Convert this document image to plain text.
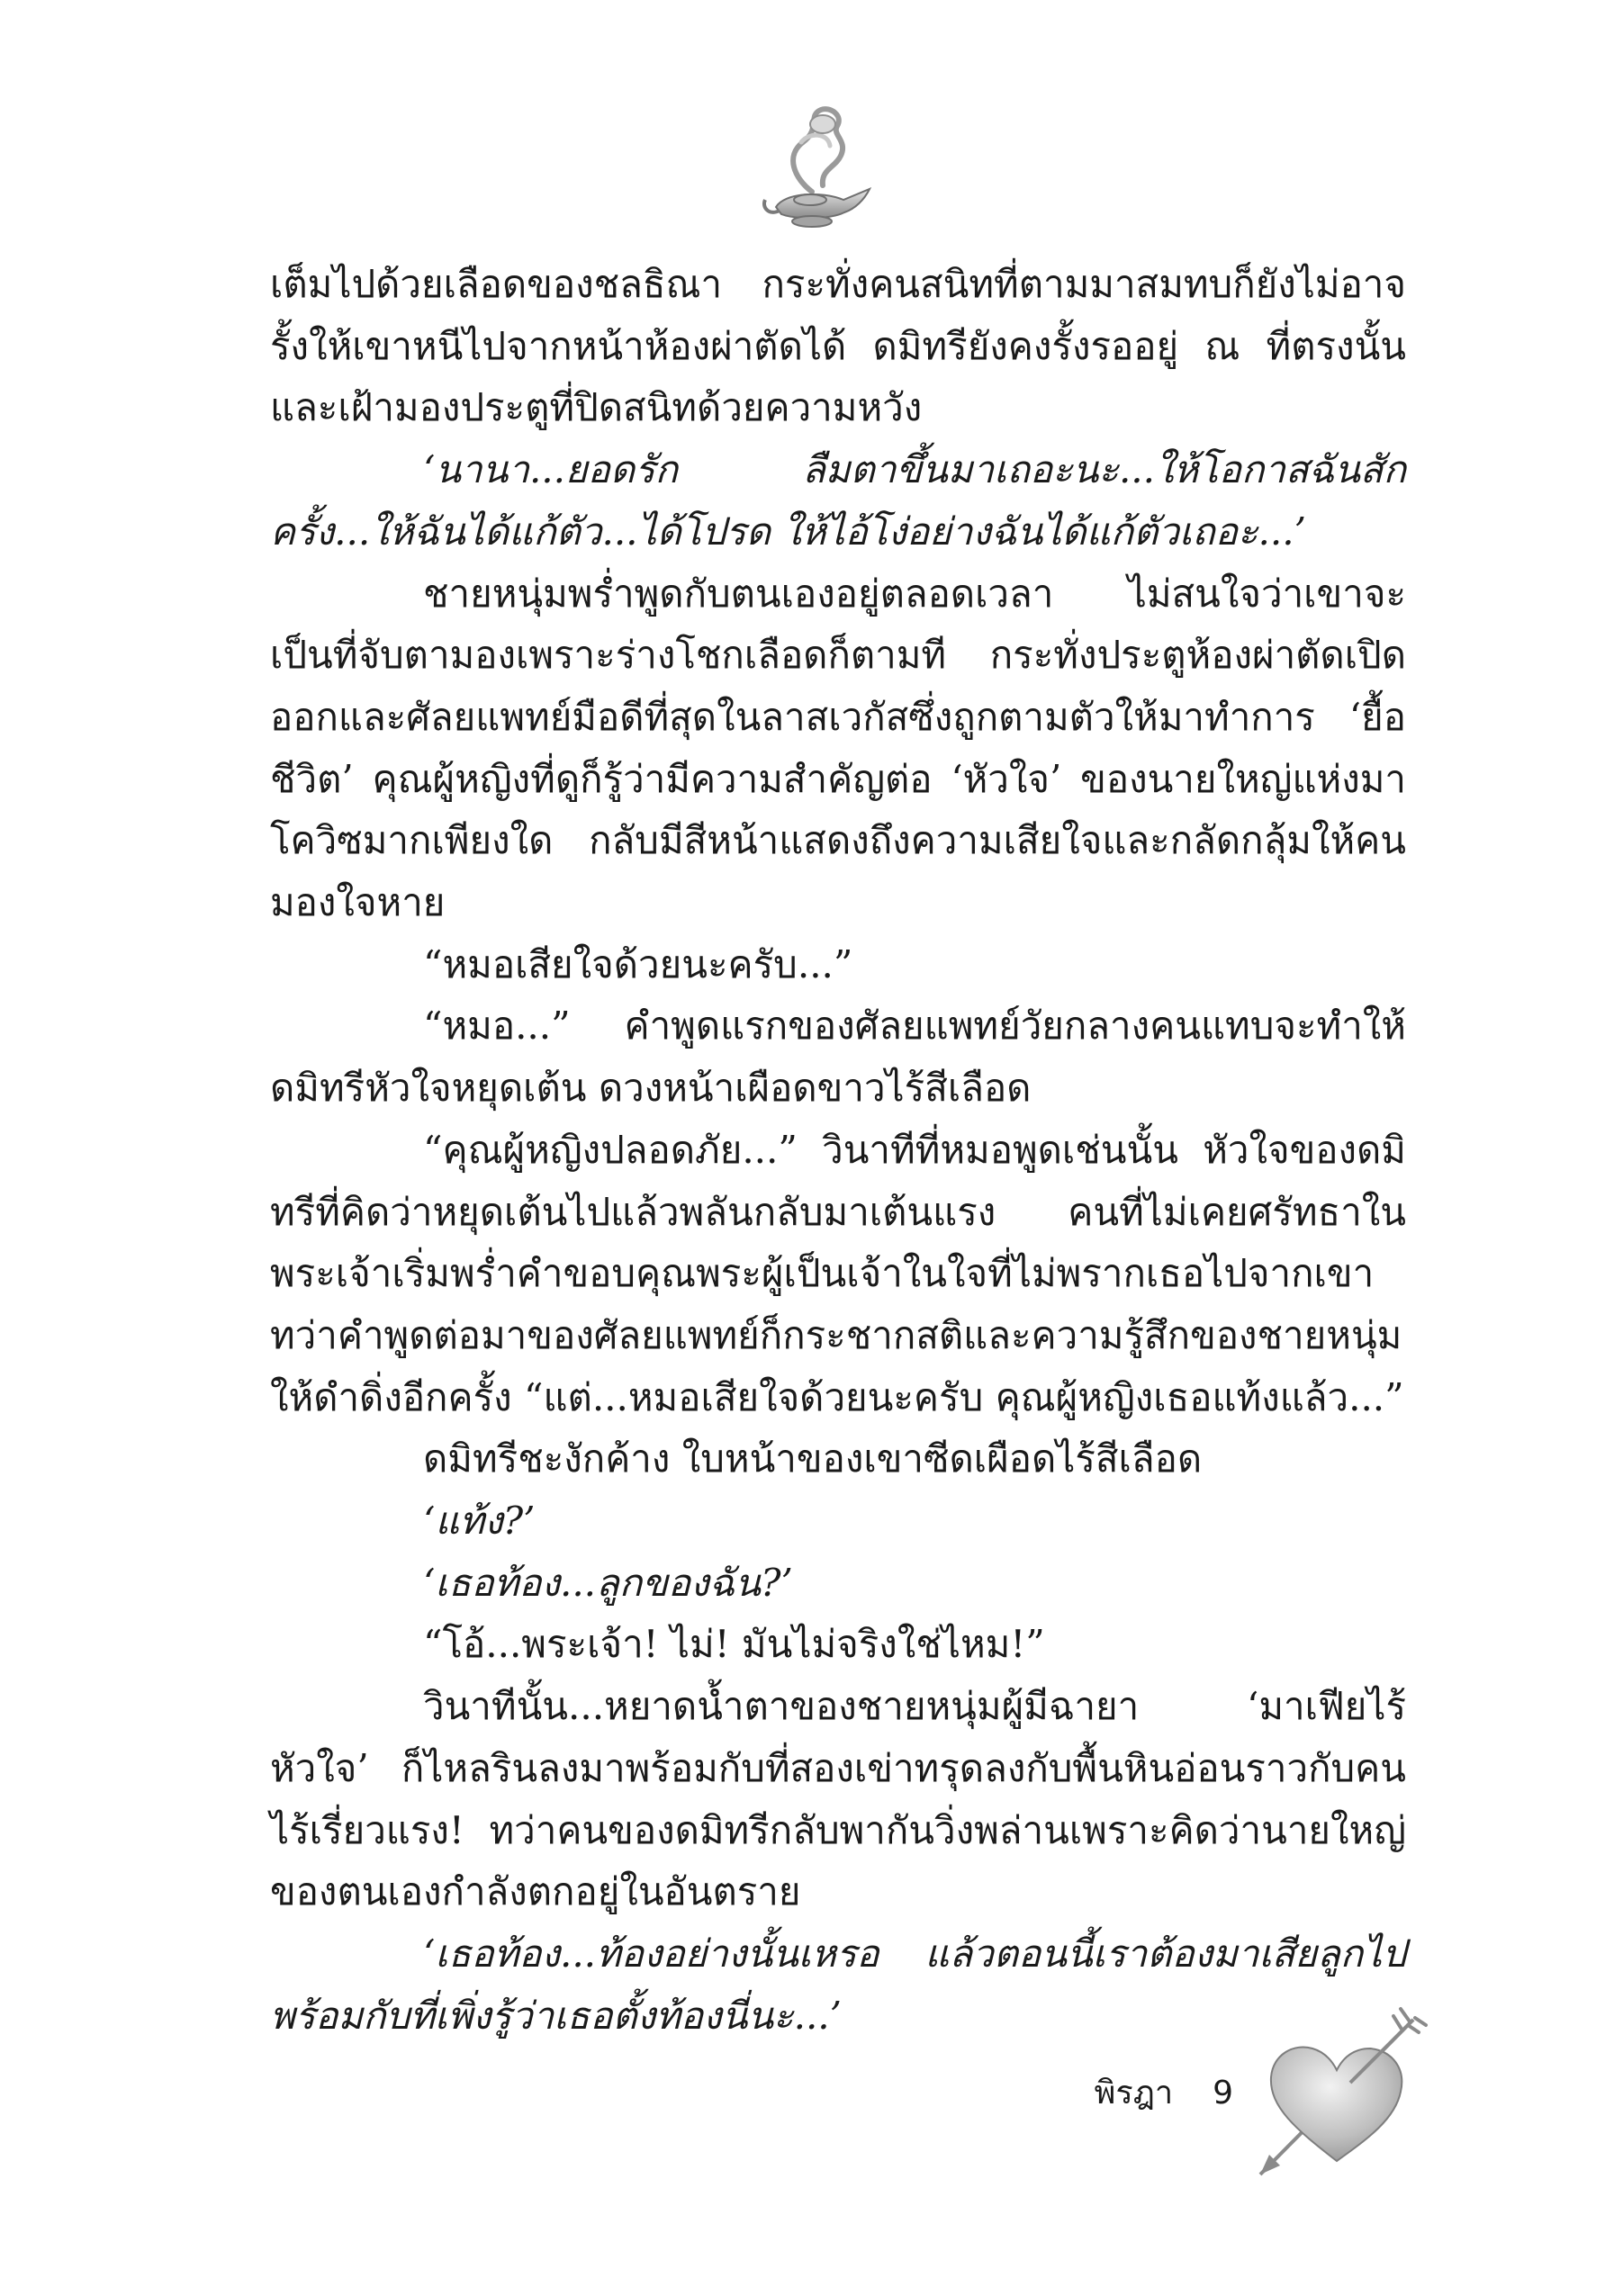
เต็มไปด้วยเลือดของชลธิณา กระทั่งคนสนิทที่ตามมาสมทบก็ยังไม่อาจรั้งให้เขาหนีไปจากหน้าห้องผ่าตัดได้ ดมิทรียังคงรั้งรออยู่ ณ ที่ตรงนั้นและเฝ้ามองประตูที่ปิดสนิทด้วยความหวัง

‘นานา...ยอดรัก ลืมตาขึ้นมาเถอะนะ...ให้โอกาสฉันสักครั้ง...ให้ฉันได้แก้ตัว...ได้โปรด ให้ไอ้โง่อย่างฉันได้แก้ตัวเถอะ...’

ชายหนุ่มพร่ำพูดกับตนเองอยู่ตลอดเวลา ไม่สนใจว่าเขาจะเป็นที่จับตามองเพราะร่างโชกเลือดก็ตามที กระทั่งประตูห้องผ่าตัดเปิดออกและศัลยแพทย์มือดีที่สุดในลาสเวกัสซึ่งถูกตามตัวให้มาทำการ ‘ยื้อชีวิต’ คุณผู้หญิงที่ดูก็รู้ว่ามีความสำคัญต่อ ‘หัวใจ’ ของนายใหญ่แห่งมาโควิซมากเพียงใด กลับมีสีหน้าแสดงถึงความเสียใจและกลัดกลุ้มให้คนมองใจหาย

“หมอเสียใจด้วยนะครับ...”

“หมอ...” คำพูดแรกของศัลยแพทย์วัยกลางคนแทบจะทำให้ดมิทรีหัวใจหยุดเต้น ดวงหน้าเผือดขาวไร้สีเลือด

“คุณผู้หญิงปลอดภัย...” วินาทีที่หมอพูดเช่นนั้น หัวใจของดมิทรีที่คิดว่าหยุดเต้นไปแล้วพลันกลับมาเต้นแรง คนที่ไม่เคยศรัทธาในพระเจ้าเริ่มพร่ำคำขอบคุณพระผู้เป็นเจ้าในใจที่ไม่พรากเธอไปจากเขา ทว่าคำพูดต่อมาของศัลยแพทย์ก็กระชากสติและความรู้สึกของชายหนุ่มให้ดำดิ่งอีกครั้ง “แต่...หมอเสียใจด้วยนะครับ คุณผู้หญิงเธอแท้งแล้ว...”

ดมิทรีชะงักค้าง ใบหน้าของเขาซีดเผือดไร้สีเลือด

‘แท้ง?’

‘เธอท้อง...ลูกของฉัน?’

“โอ้...พระเจ้า! ไม่! มันไม่จริงใช่ไหม!”

วินาทีนั้น...หยาดน้ำตาของชายหนุ่มผู้มีฉายา ‘มาเฟียไร้หัวใจ’ ก็ไหลรินลงมาพร้อมกับที่สองเข่าทรุดลงกับพื้นหินอ่อนราวกับคนไร้เรี่ยวแรง! ทว่าคนของดมิทรีกลับพากันวิ่งพล่านเพราะคิดว่านายใหญ่ของตนเองกำลังตกอยู่ในอันตราย

‘เธอท้อง...ท้องอย่างนั้นเหรอ แล้วตอนนี้เราต้องมาเสียลูกไปพร้อมกับที่เพิ่งรู้ว่าเธอตั้งท้องนี่นะ...’

พิรฎา 9
